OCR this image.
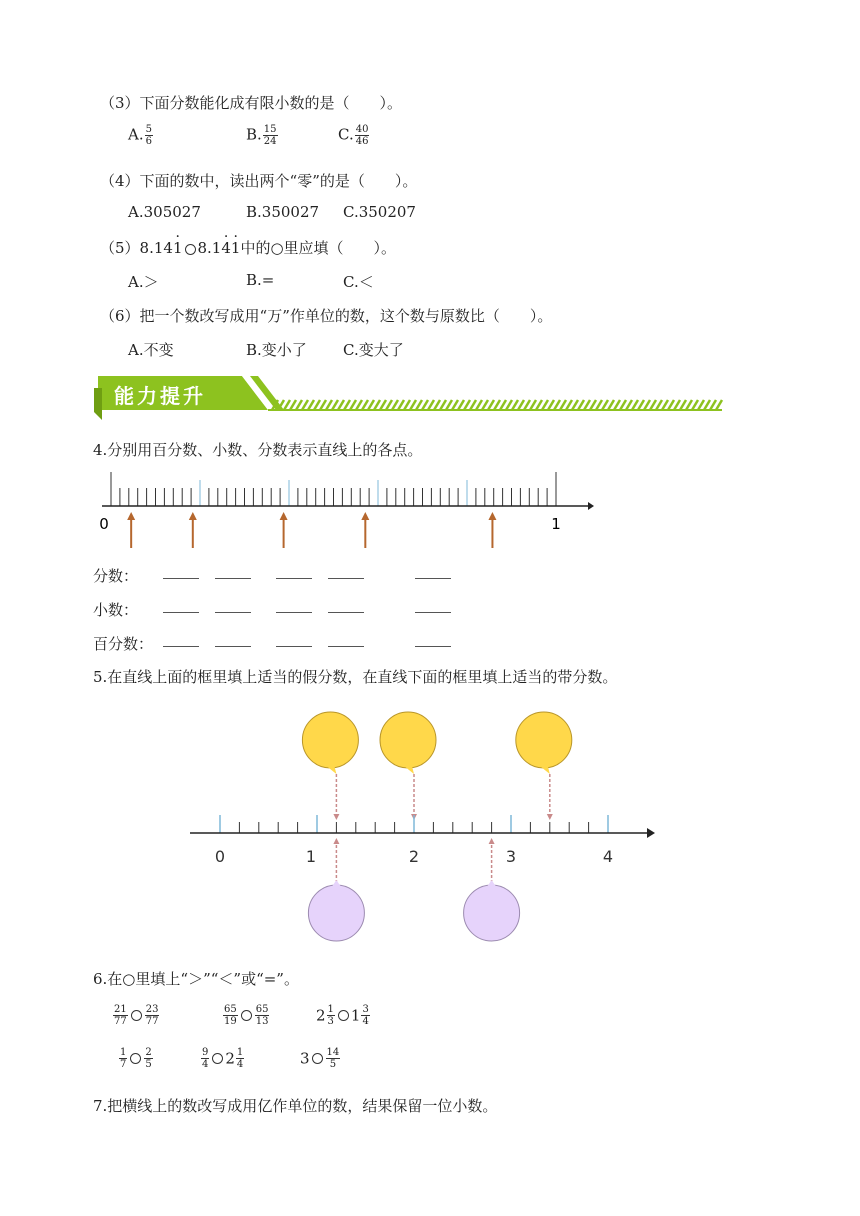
（3）下面分数能化成有限小数的是（　　）。
A. $\frac{5}{6}$	B. $\frac{15}{24}$	C. $\frac{40}{46}$
（4）下面的数中，读出两个“零”的是（　　）。
A.305027	B.350027 C.350207
（5）8.141 · 8.14 ·1 ·中的○里应填（　　）。
A.＞	B.=	C.＜
（6）把一个数改写成用“万”作单位的数，这个数与原数比（　　）。
A.不变	B.变小了 C.变大了
能力提升
4.分别用百分数、小数、分数表示直线上的各点。
0	1
分数：
小数：
百分数：
5.在直线上面的框里填上适当的假分数，在直线下面的框里填上适当的带分数。
0	1	2	3	4
6.在○里填上“＞”“＜”或“=”。
$\frac{21}{77} \frac{23}{77}$	$\frac{65}{19} \frac{65}{13}$	$2 \frac{1}{3} 1 \frac{3}{4}$
$\frac{1}{7} \frac{2}{5}$	$\frac{9}{4} 2 \frac{1}{4}$	$3 \frac{14}{5}$
7.把横线上的数改写成用亿作单位的数，结果保留一位小数。
